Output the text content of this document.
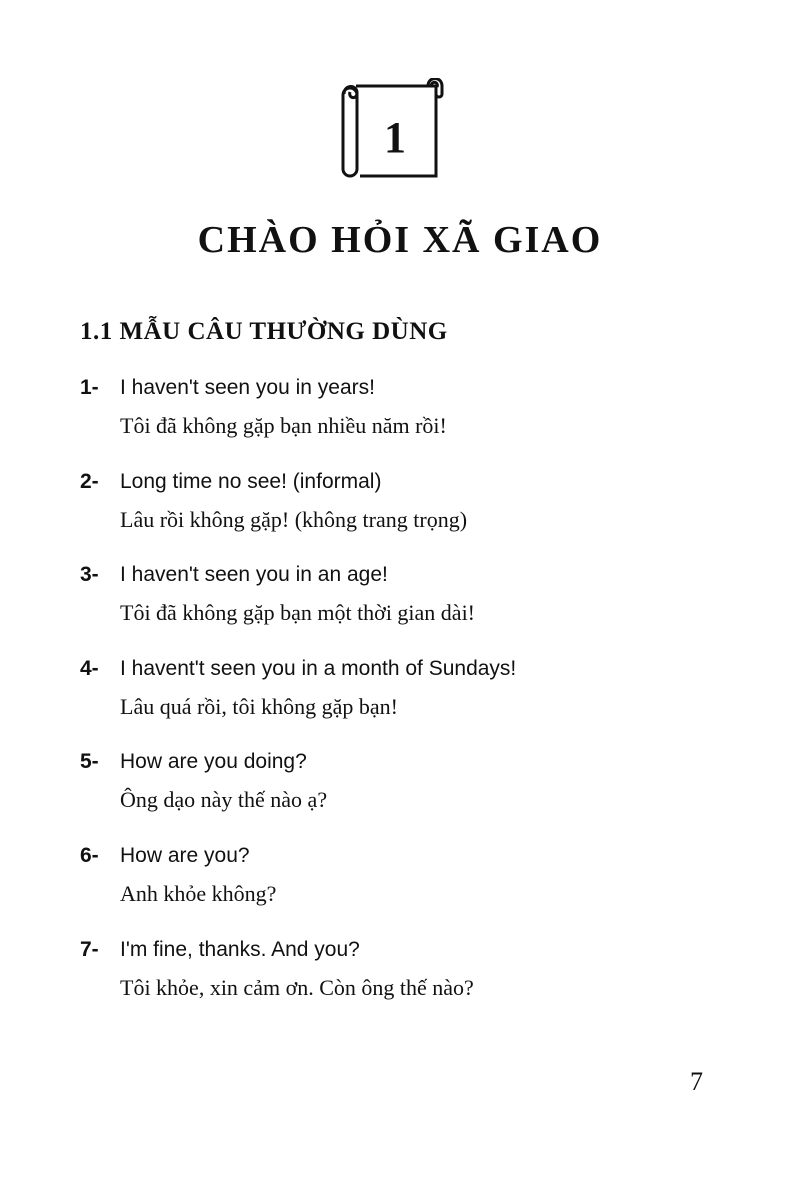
1
CHÀO HỎI XÃ GIAO
1.1 MẪU CÂU THƯỜNG DÙNG
1- I haven't seen you in years!
Tôi đã không gặp bạn nhiều năm rồi!
2- Long time no see! (informal)
Lâu rồi không gặp! (không trang trọng)
3- I haven't seen you in an age!
Tôi đã không gặp bạn một thời gian dài!
4- I havent't seen you in a month of Sundays!
Lâu quá rồi, tôi không gặp bạn!
5- How are you doing?
Ông dạo này thế nào ạ?
6- How are you?
Anh khỏe không?
7- I'm fine, thanks. And you?
Tôi khỏe, xin cảm ơn. Còn ông thế nào?
7
